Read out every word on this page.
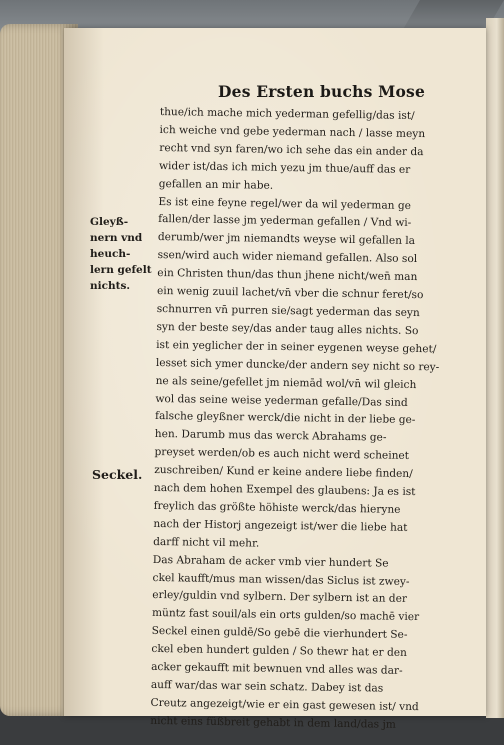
Des Ersten buchs Mose
Gleyß-
nern vnd
heuch-
lern gefelt
nichts.
Seckel.
thue/ich mache mich yederman gefellig/das ist/
ich weiche vnd gebe yederman nach / lasse meyn
recht vnd syn faren/wo ich sehe das ein ander da
wider ist/das ich mich yezu jm thue/auff das er
gefallen an mir habe.
Es ist eine feyne regel/wer da wil yederman ge
fallen/der lasse jm yederman gefallen / Vnd wi-
derumb/wer jm niemandts weyse wil gefallen la
ssen/wird auch wider niemand gefallen. Also sol
ein Christen thun/das thun jhene nicht/wen̄ man
ein wenig zuuil lachet/vn̄ vber die schnur feret/so
schnurren vn̄ purren sie/sagt yederman das seyn
syn der beste sey/das ander taug alles nichts. So
ist ein yeglicher der in seiner eygenen weyse gehet/
lesset sich ymer duncke/der andern sey nicht so rey-
ne als seine/gefellet jm niemād wol/vn̄ wil gleich
wol das seine weise yederman gefalle/Das sind
falsche gleyßner werck/die nicht in der liebe ge-
hen. Darumb mus das werck Abrahams ge-
preyset werden/ob es auch nicht werd scheinet
zuschreiben/ Kund er keine andere liebe finden/
nach dem hohen Exempel des glaubens: Ja es ist
freylich das größte höhiste werck/das hieryne
nach der Historj angezeigt ist/wer die liebe hat
darff nicht vil mehr.
Das Abraham de acker vmb vier hundert Se
ckel kaufft/mus man wissen/das Siclus ist zwey-
erley/guldin vnd sylbern. Der sylbern ist an der
müntz fast souil/als ein orts gulden/so machē vier
Seckel einen guldē/So gebē die vierhundert Se-
ckel eben hundert gulden / So thewr hat er den
acker gekaufft mit bewnuen vnd alles was dar-
auff war/das war sein schatz. Dabey ist das
Creutz angezeigt/wie er ein gast gewesen ist/ vnd
nicht eins füßbreit gehabt in dem land/das jm
